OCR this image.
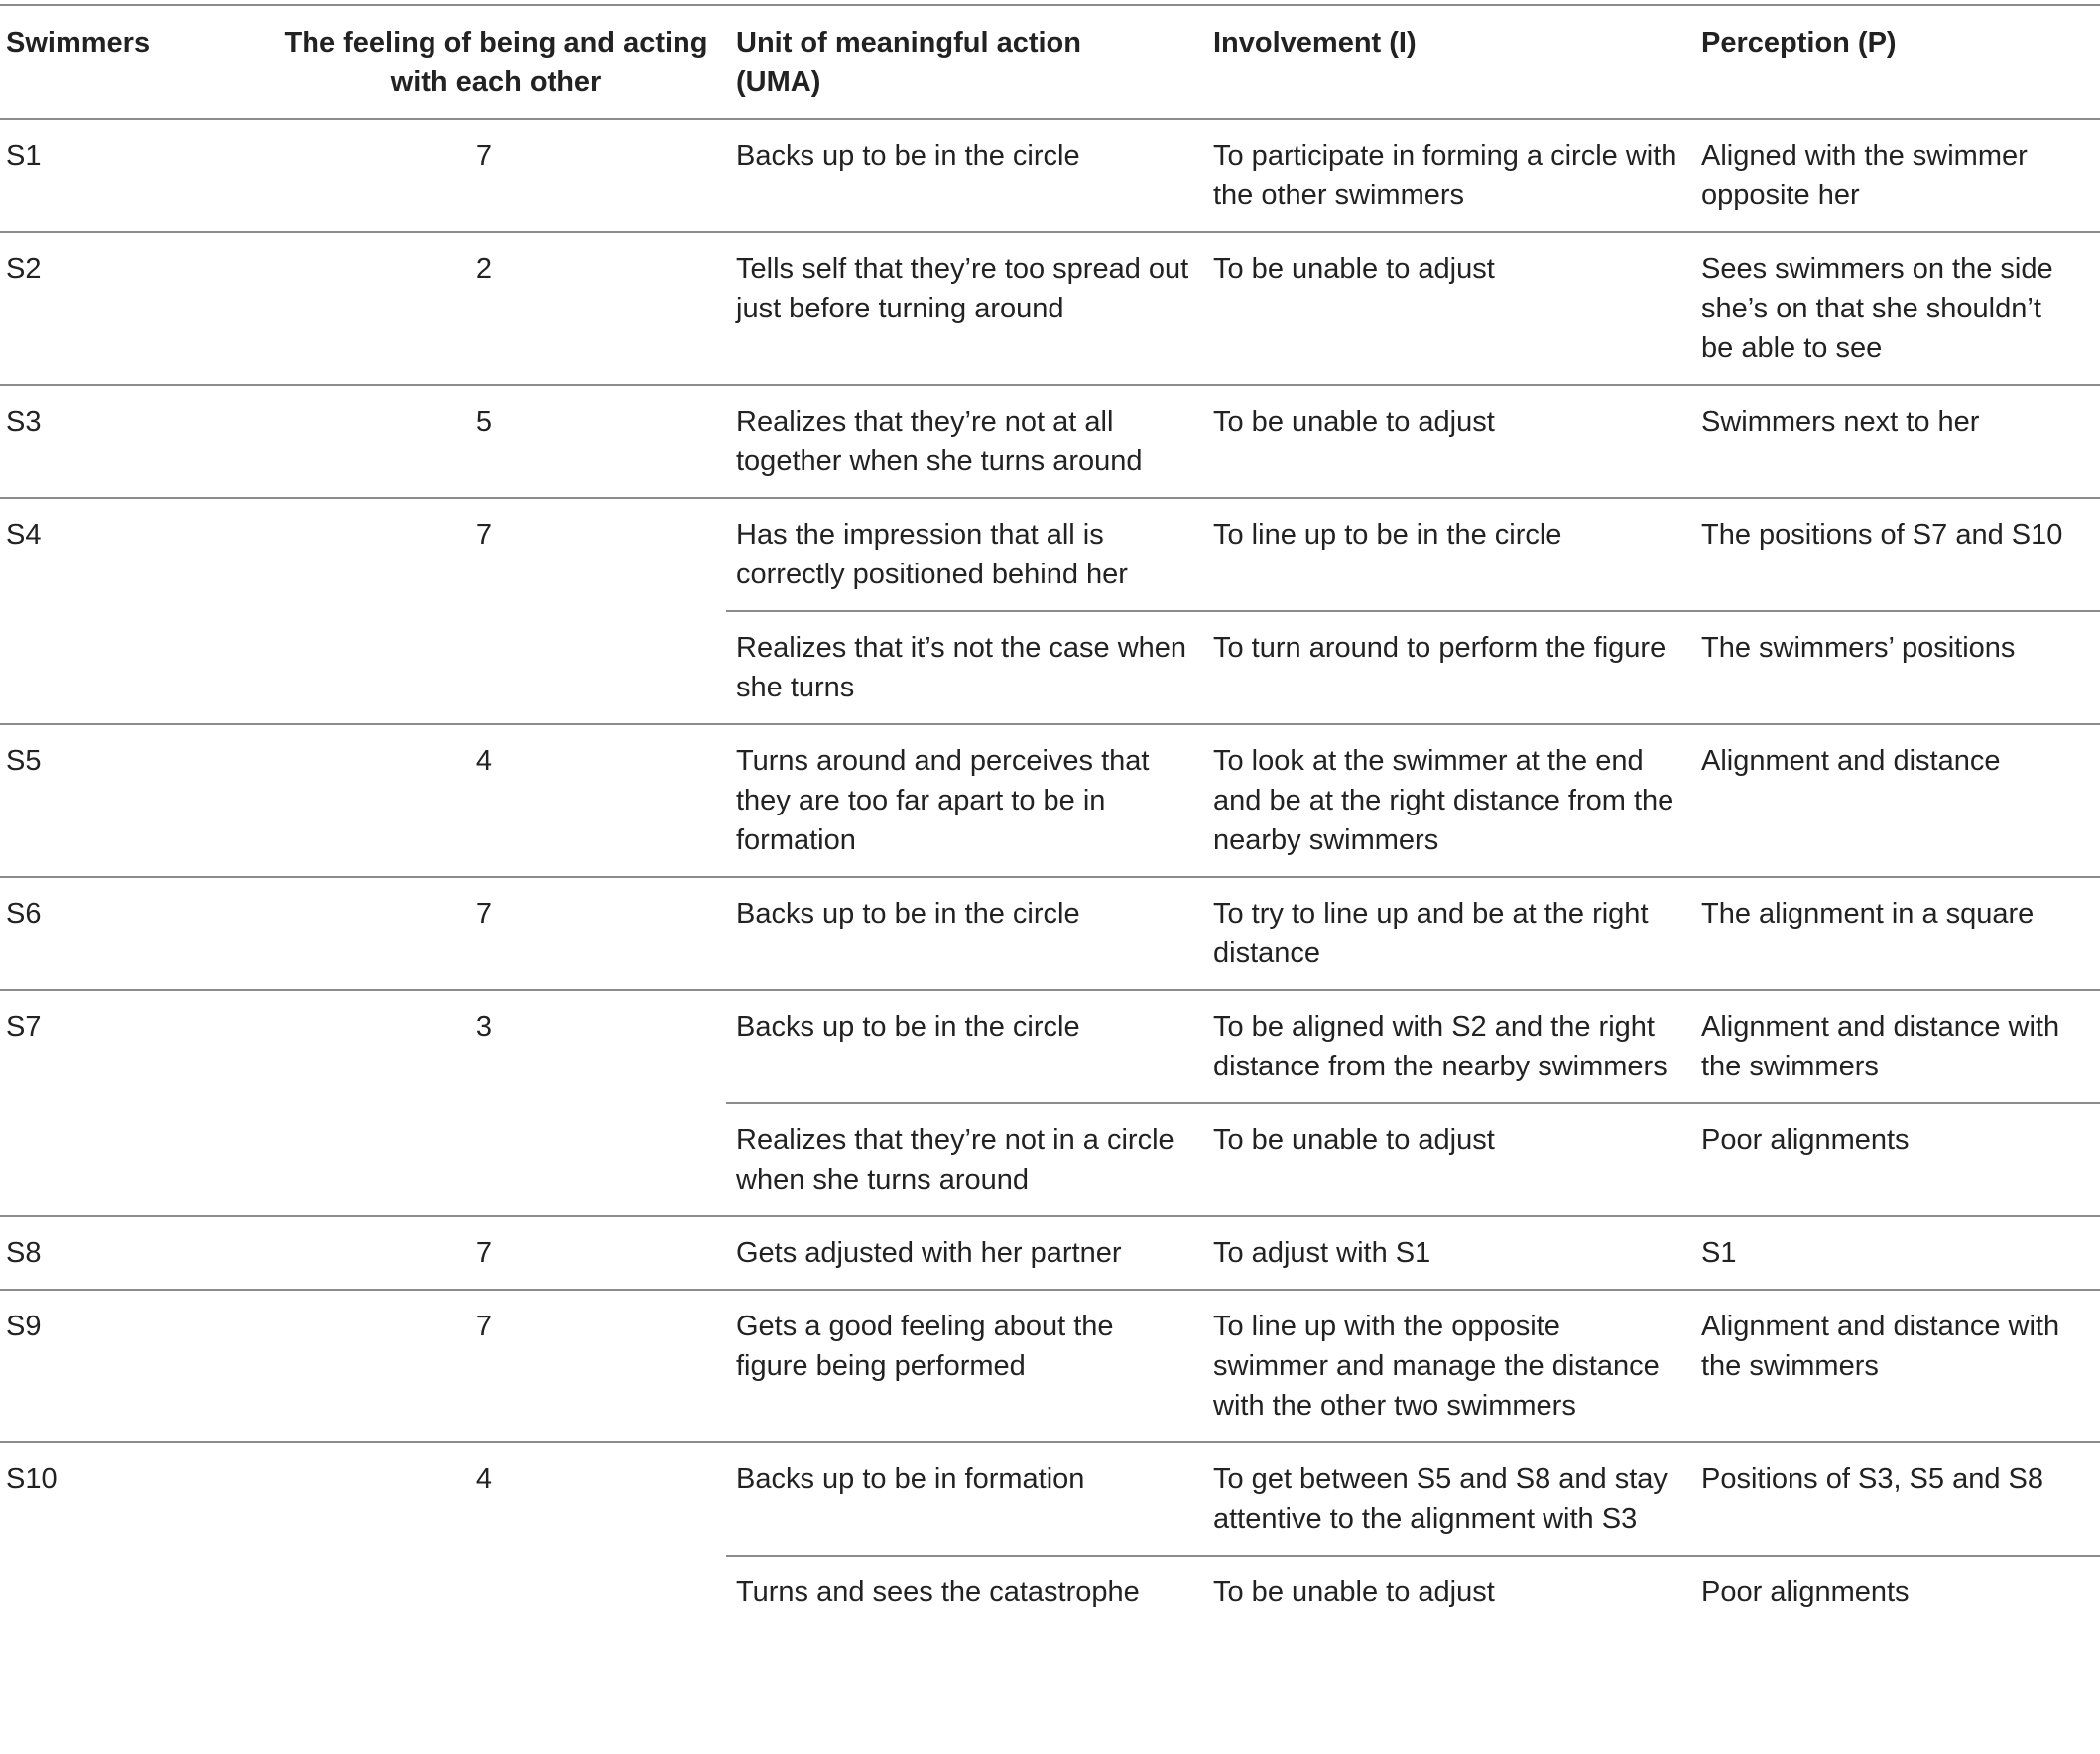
Swimmers	The feeling of being and acting with each other	Unit of meaningful action (UMA)	Involvement (I)	Perception (P)
S1	7	Backs up to be in the circle	To participate in forming a circle with the other swimmers	Aligned with the swimmer opposite her
S2	2	Tells self that they’re too spread out just before turning around	To be unable to adjust	Sees swimmers on the side she’s on that she shouldn’t be able to see
S3	5	Realizes that they’re not at all together when she turns around	To be unable to adjust	Swimmers next to her
S4	7	Has the impression that all is correctly positioned behind her	To line up to be in the circle	The positions of S7 and S10
		Realizes that it’s not the case when she turns	To turn around to perform the figure	The swimmers’ positions
S5	4	Turns around and perceives that they are too far apart to be in formation	To look at the swimmer at the end and be at the right distance from the nearby swimmers	Alignment and distance
S6	7	Backs up to be in the circle	To try to line up and be at the right distance	The alignment in a square
S7	3	Backs up to be in the circle	To be aligned with S2 and the right distance from the nearby swimmers	Alignment and distance with the swimmers
		Realizes that they’re not in a circle when she turns around	To be unable to adjust	Poor alignments
S8	7	Gets adjusted with her partner	To adjust with S1	S1
S9	7	Gets a good feeling about the figure being performed	To line up with the opposite swimmer and manage the distance with the other two swimmers	Alignment and distance with the swimmers
S10	4	Backs up to be in formation	To get between S5 and S8 and stay attentive to the alignment with S3	Positions of S3, S5 and S8
		Turns and sees the catastrophe	To be unable to adjust	Poor alignments
